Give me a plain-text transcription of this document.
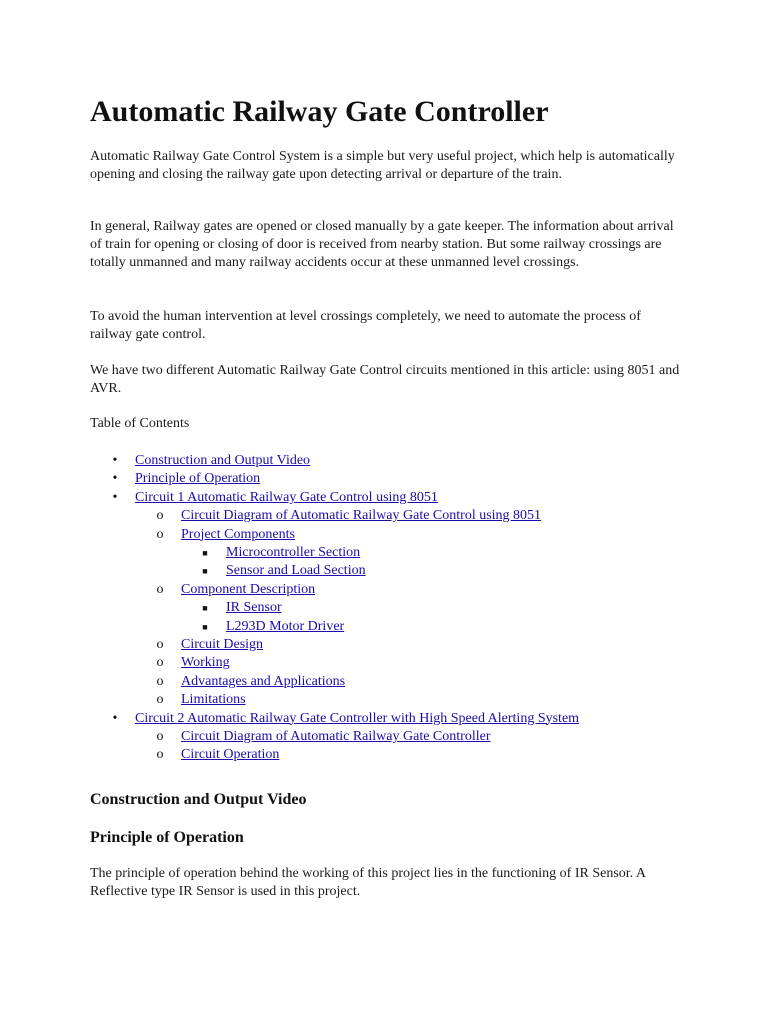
Automatic Railway Gate Controller

Automatic Railway Gate Control System is a simple but very useful project, which help is automatically opening and closing the railway gate upon detecting arrival or departure of the train.

In general, Railway gates are opened or closed manually by a gate keeper. The information about arrival of train for opening or closing of door is received from nearby station. But some railway crossings are totally unmanned and many railway accidents occur at these unmanned level crossings.

To avoid the human intervention at level crossings completely, we need to automate the process of railway gate control.

We have two different Automatic Railway Gate Control circuits mentioned in this article: using 8051 and AVR.

Table of Contents

•	Construction and Output Video
•	Principle of Operation
•	Circuit 1 Automatic Railway Gate Control using 8051
o Circuit Diagram of Automatic Railway Gate Control using 8051
o Project Components
■	Microcontroller Section
■	Sensor and Load Section
o Component Description
■	IR Sensor
■	L293D Motor Driver
o Circuit Design
o Working
o Advantages and Applications
o Limitations
•	Circuit 2 Automatic Railway Gate Controller with High Speed Alerting System
o Circuit Diagram of Automatic Railway Gate Controller
o Circuit Operation
Construction and Output Video
Principle of Operation

The principle of operation behind the working of this project lies in the functioning of IR Sensor. A Reflective type IR Sensor is used in this project.
